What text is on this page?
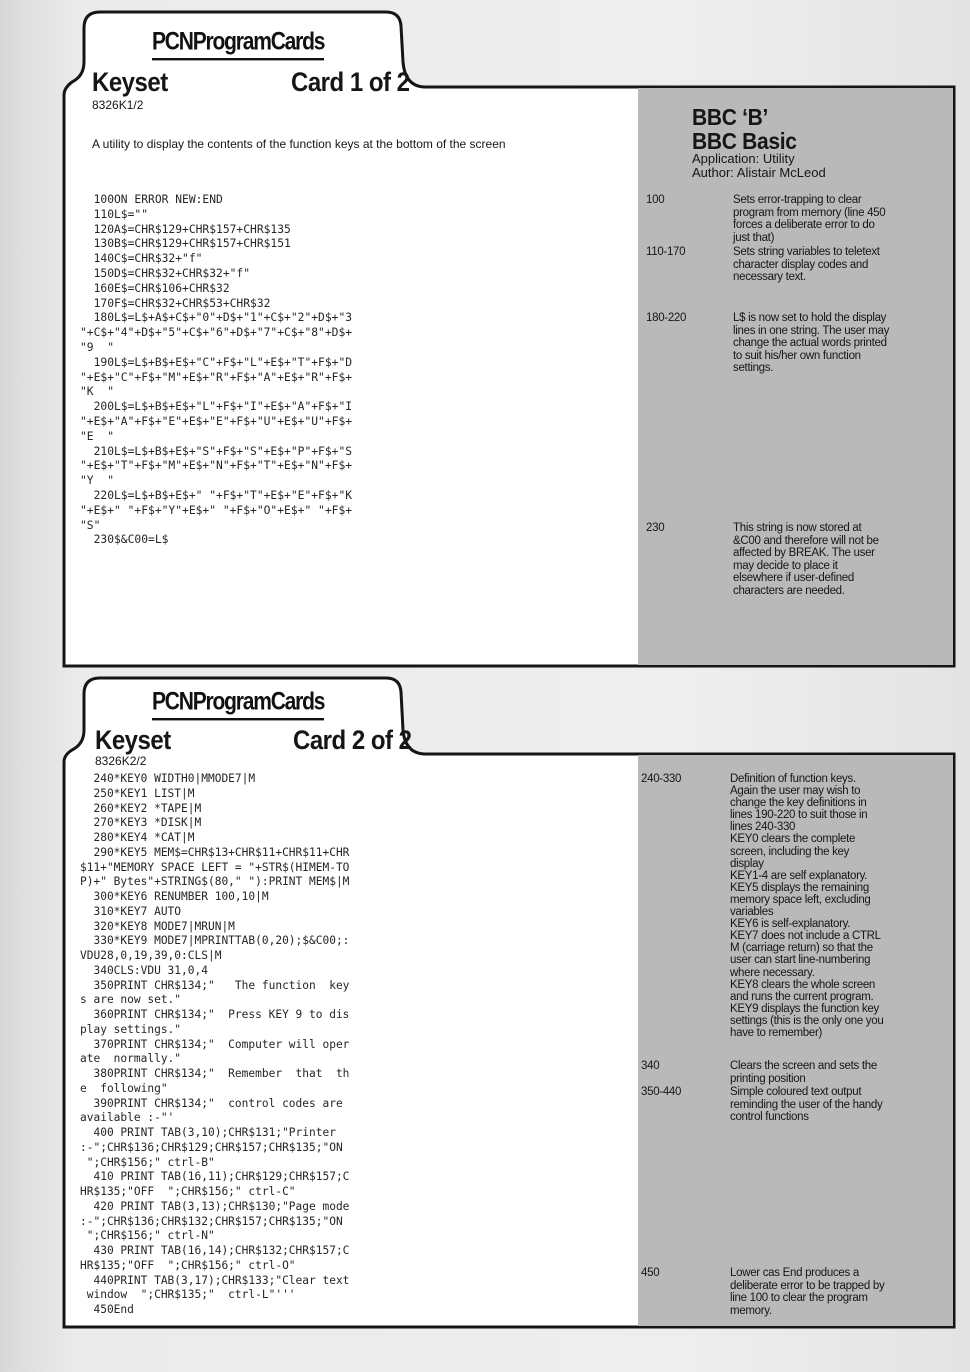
PCNProgramCards
Keyset	Card 1 of 2
8326K1/2
A utility to display the contents of the function keys at the bottom of the screen
BBC ‘B’
BBC Basic
Application: Utility
Author: Alistair McLeod
100ON ERROR NEW:END
110L$=""
120A$=CHR$129+CHR$157+CHR$135
130B$=CHR$129+CHR$157+CHR$151
140C$=CHR$32+"f"
150D$=CHR$32+CHR$32+"f"
160E$=CHR$106+CHR$32
170F$=CHR$32+CHR$53+CHR$32
180L$=L$+A$+C$+"0"+D$+"1"+C$+"2"+D$+"3
"+C$+"4"+D$+"5"+C$+"6"+D$+"7"+C$+"8"+D$+
"9  "
190L$=L$+B$+E$+"C"+F$+"L"+E$+"T"+F$+"D
"+E$+"C"+F$+"M"+E$+"R"+F$+"A"+E$+"R"+F$+
"K  "
200L$=L$+B$+E$+"L"+F$+"I"+E$+"A"+F$+"I
"+E$+"A"+F$+"E"+E$+"E"+F$+"U"+E$+"U"+F$+
"E  "
210L$=L$+B$+E$+"S"+F$+"S"+E$+"P"+F$+"S
"+E$+"T"+F$+"M"+E$+"N"+F$+"T"+E$+"N"+F$+
"Y  "
220L$=L$+B$+E$+" "+F$+"T"+E$+"E"+F$+"K
"+E$+" "+F$+"Y"+E$+" "+F$+"O"+E$+" "+F$+
"S"
230$&C00=L$
100	Sets error-trapping to clear
program from memory (line 450
forces a deliberate error to do
just that)
110-170	Sets string variables to teletext
character display codes and
necessary text.
180-220	L$ is now set to hold the display
lines in one string. The user may
change the actual words printed
to suit his/her own function
settings.
230	This string is now stored at
&C00 and therefore will not be
affected by BREAK. The user
may decide to place it
elsewhere if user-defined
characters are needed.
PCNProgramCards
Keyset	Card 2 of 2
8326K2/2
240*KEY0 WIDTH0|MMODE7|M
250*KEY1 LIST|M
260*KEY2 *TAPE|M
270*KEY3 *DISK|M
280*KEY4 *CAT|M
290*KEY5 MEM$=CHR$13+CHR$11+CHR$11+CHR
$11+"MEMORY SPACE LEFT = "+STR$(HIMEM-TO
P)+" Bytes"+STRING$(80," "):PRINT MEM$|M
300*KEY6 RENUMBER 100,10|M
310*KEY7 AUTO
320*KEY8 MODE7|MRUN|M
330*KEY9 MODE7|MPRINTTAB(0,20);$&C00;:
VDU28,0,19,39,0:CLS|M
340CLS:VDU 31,0,4
350PRINT CHR$134;"   The function  key
s are now set."
360PRINT CHR$134;"  Press KEY 9 to dis
play settings."
370PRINT CHR$134;"  Computer will oper
ate  normally."
380PRINT CHR$134;"  Remember  that  th
e  following"
390PRINT CHR$134;"  control codes are
available :-"'
400 PRINT TAB(3,10);CHR$131;"Printer
:-";CHR$136;CHR$129;CHR$157;CHR$135;"ON
";CHR$156;" ctrl-B"
410 PRINT TAB(16,11);CHR$129;CHR$157;C
HR$135;"OFF  ";CHR$156;" ctrl-C"
420 PRINT TAB(3,13);CHR$130;"Page mode
:-";CHR$136;CHR$132;CHR$157;CHR$135;"ON
";CHR$156;" ctrl-N"
430 PRINT TAB(16,14);CHR$132;CHR$157;C
HR$135;"OFF  ";CHR$156;" ctrl-O"
440PRINT TAB(3,17);CHR$133;"Clear text
window  ";CHR$135;"  ctrl-L"'''
450End
240-330	Definition of function keys.
Again the user may wish to
change the key definitions in
lines 190-220 to suit those in
lines 240-330
KEY0 clears the complete
screen, including the key
display
KEY1-4 are self explanatory.
KEY5 displays the remaining
memory space left, excluding
variables
KEY6 is self-explanatory.
KEY7 does not include a CTRL
M (carriage return) so that the
user can start line-numbering
where necessary.
KEY8 clears the whole screen
and runs the current program.
KEY9 displays the function key
settings (this is the only one you
have to remember)
340	Clears the screen and sets the
printing position
350-440	Simple coloured text output
reminding the user of the handy
control functions
450	Lower cas End produces a
deliberate error to be trapped by
line 100 to clear the program
memory.
